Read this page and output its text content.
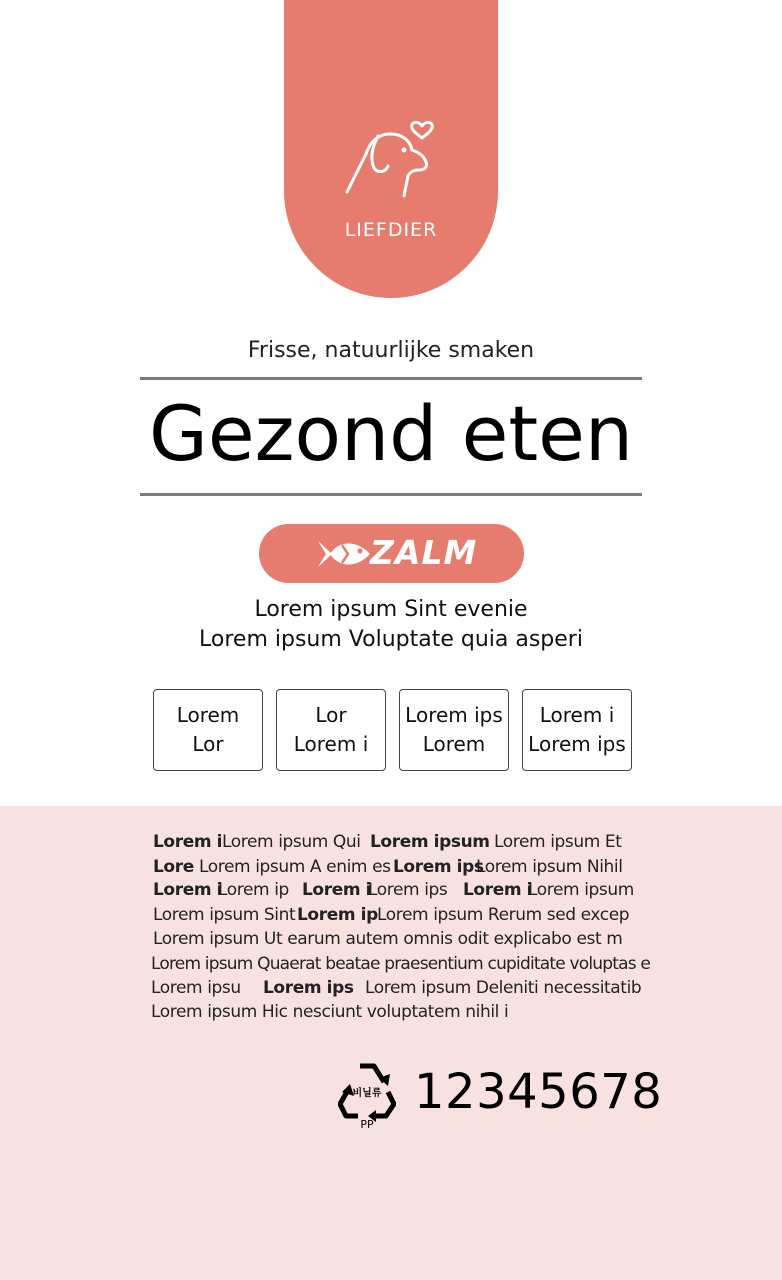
LIEFDIER
Frisse, natuurlijke smaken
Gezond eten
ZALM
Lorem ipsum Sint evenie
Lorem ipsum Voluptate quia asperi
Lorem
Lor
Lor
Lorem i
Lorem ips
Lorem
Lorem i
Lorem ips
Lorem i Lorem ipsum Qui Lorem ipsum Lorem ipsum Et
Lore Lorem ipsum A enim es Lorem ips
Lorem ipsum Nihil
Lorem i
Lorem ip Lorem i
Lorem ips Lorem i
Lorem ipsum
Lorem ipsum Sint Lorem ip Lorem ipsum Rerum sed excep
Lorem ipsum Ut earum autem omnis odit explicabo est m
Lorem ipsum Quaerat beatae praesentium cupiditate voluptas e
Lorem ipsu Lorem ips Lorem ipsum Deleniti necessitatib
Lorem ipsum Hic nesciunt voluptatem nihil i
비닐류
PP
12345678
